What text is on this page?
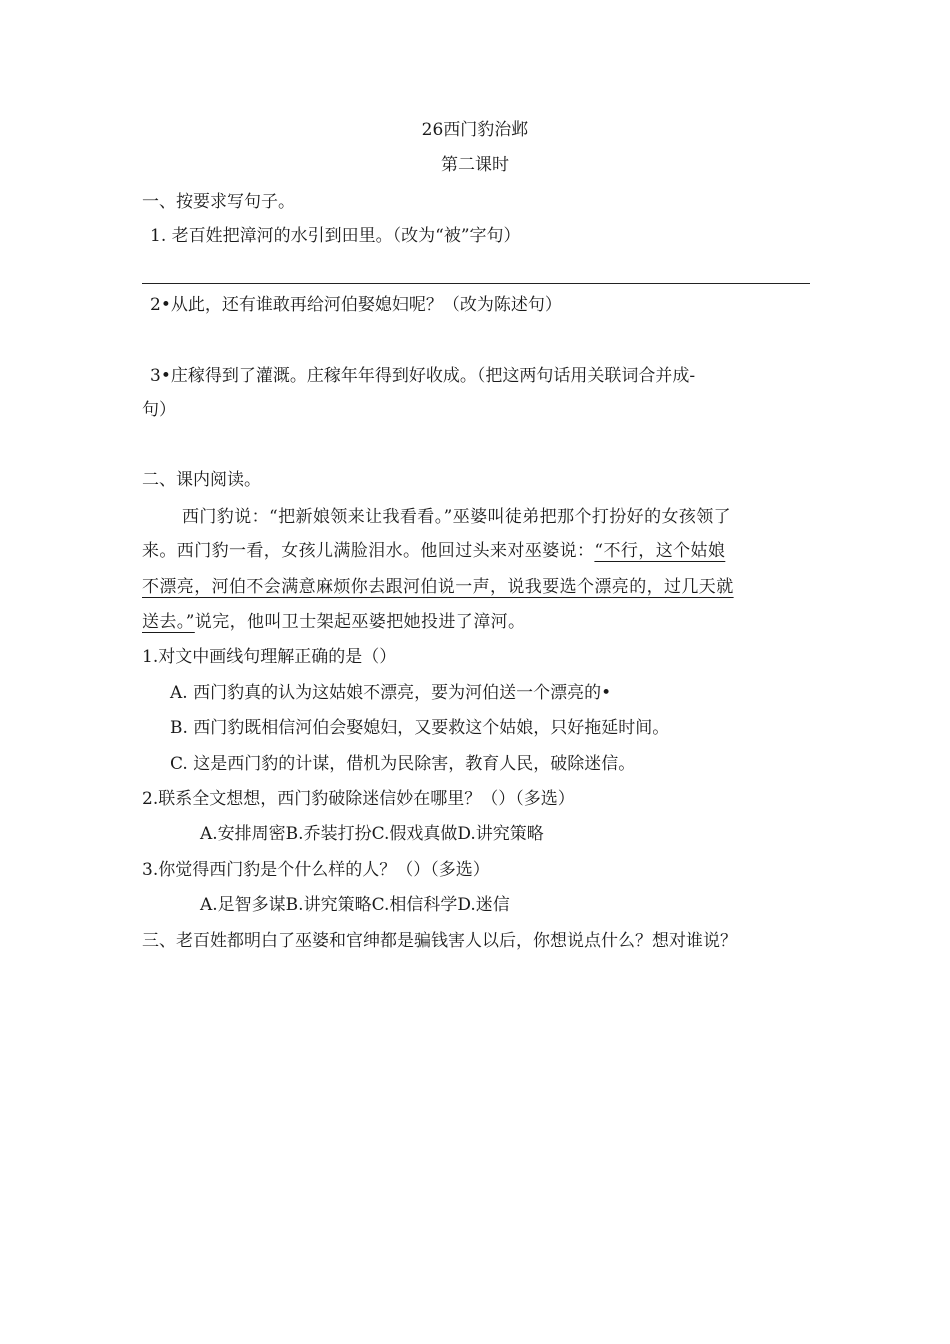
26西门豹治邺
第二课时
一、按要求写句子。
1. 老百姓把漳河的水引到田里。（改为“被”字句）
2•从此，还有谁敢再给河伯娶媳妇呢？（改为陈述句）
3•庄稼得到了灌溉。庄稼年年得到好收成。（把这两句话用关联词合并成-
句）
二、课内阅读。
西门豹说：“把新娘领来让我看看。”巫婆叫徒弟把那个打扮好的女孩领了
来。西门豹一看，女孩儿满脸泪水。他回过头来对巫婆说：“不行，这个姑娘
不漂亮，河伯不会满意麻烦你去跟河伯说一声，说我要选个漂亮的，过几天就
送去。”说完，他叫卫士架起巫婆把她投进了漳河。
1.对文中画线句理解正确的是（）
A. 西门豹真的认为这姑娘不漂亮，要为河伯送一个漂亮的•
B. 西门豹既相信河伯会娶媳妇，又要救这个姑娘，只好拖延时间。
C. 这是西门豹的计谋，借机为民除害，教育人民，破除迷信。
2.联系全文想想，西门豹破除迷信妙在哪里？（）（多选）
A.安排周密B.乔装打扮C.假戏真做D.讲究策略
3.你觉得西门豹是个什么样的人？（）（多选）
A.足智多谋B.讲究策略C.相信科学D.迷信
三、老百姓都明白了巫婆和官绅都是骗钱害人以后，你想说点什么？想对谁说？
